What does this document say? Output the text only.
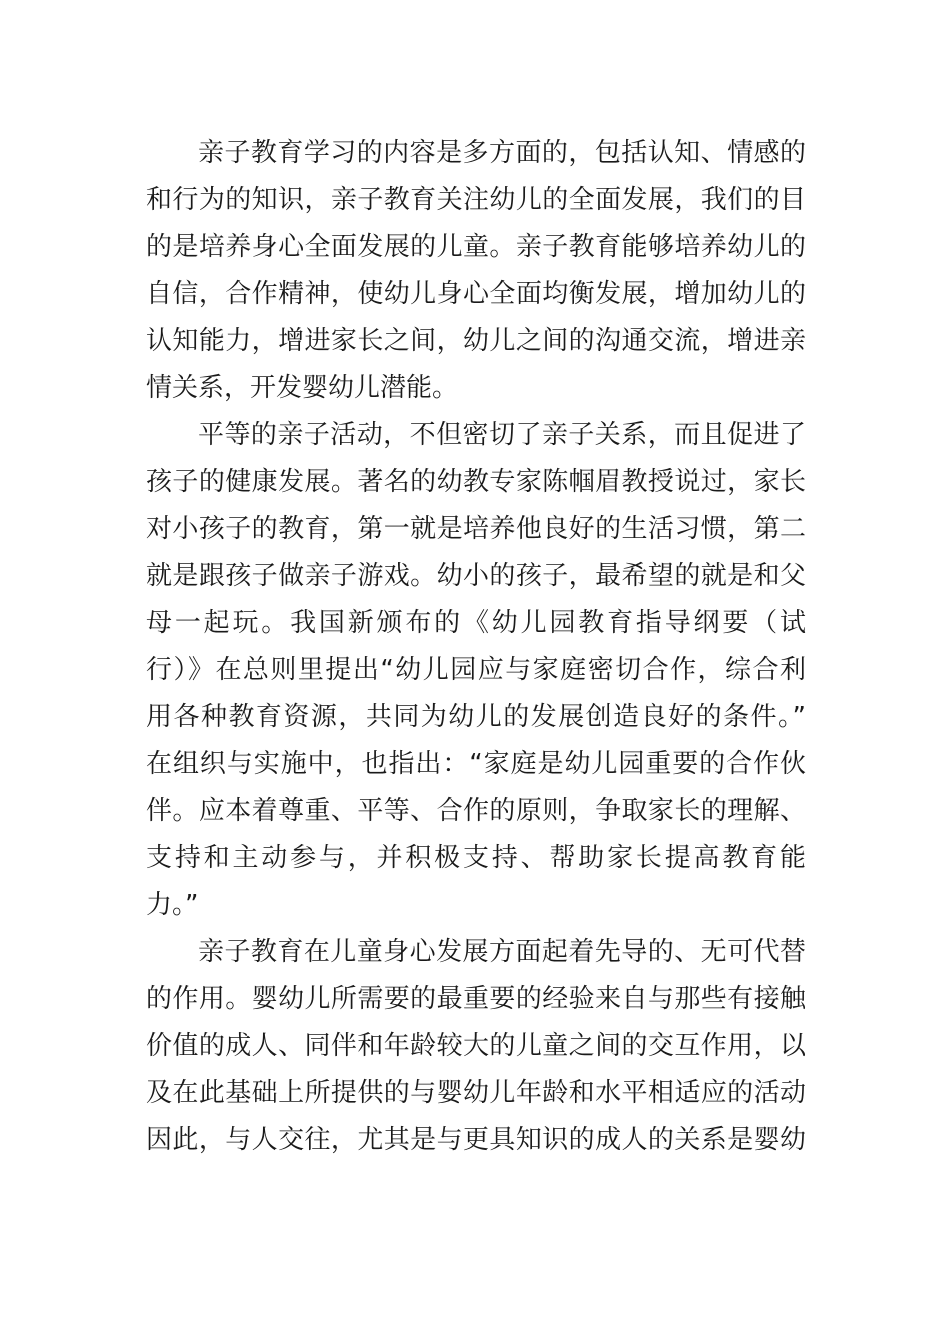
亲子教育学习的内容是多方面的，包括认知、情感的
和行为的知识，亲子教育关注幼儿的全面发展，我们的目
的是培养身心全面发展的儿童。亲子教育能够培养幼儿的
自信，合作精神，使幼儿身心全面均衡发展，增加幼儿的
认知能力，增进家长之间，幼儿之间的沟通交流，增进亲
情关系，开发婴幼儿潜能。
平等的亲子活动，不但密切了亲子关系，而且促进了
孩子的健康发展。著名的幼教专家陈帼眉教授说过，家长
对小孩子的教育，第一就是培养他良好的生活习惯，第二
就是跟孩子做亲子游戏。幼小的孩子，最希望的就是和父
母一起玩。我国新颁布的《幼儿园教育指导纲要（试
行）》在总则里提出“幼儿园应与家庭密切合作，综合利
用各种教育资源，共同为幼儿的发展创造良好的条件。”
在组织与实施中，也指出：“家庭是幼儿园重要的合作伙
伴。应本着尊重、平等、合作的原则，争取家长的理解、
支持和主动参与，并积极支持、帮助家长提高教育能
力。”
亲子教育在儿童身心发展方面起着先导的、无可代替
的作用。婴幼儿所需要的最重要的经验来自与那些有接触
价值的成人、同伴和年龄较大的儿童之间的交互作用，以
及在此基础上所提供的与婴幼儿年龄和水平相适应的活动
因此，与人交往，尤其是与更具知识的成人的关系是婴幼
